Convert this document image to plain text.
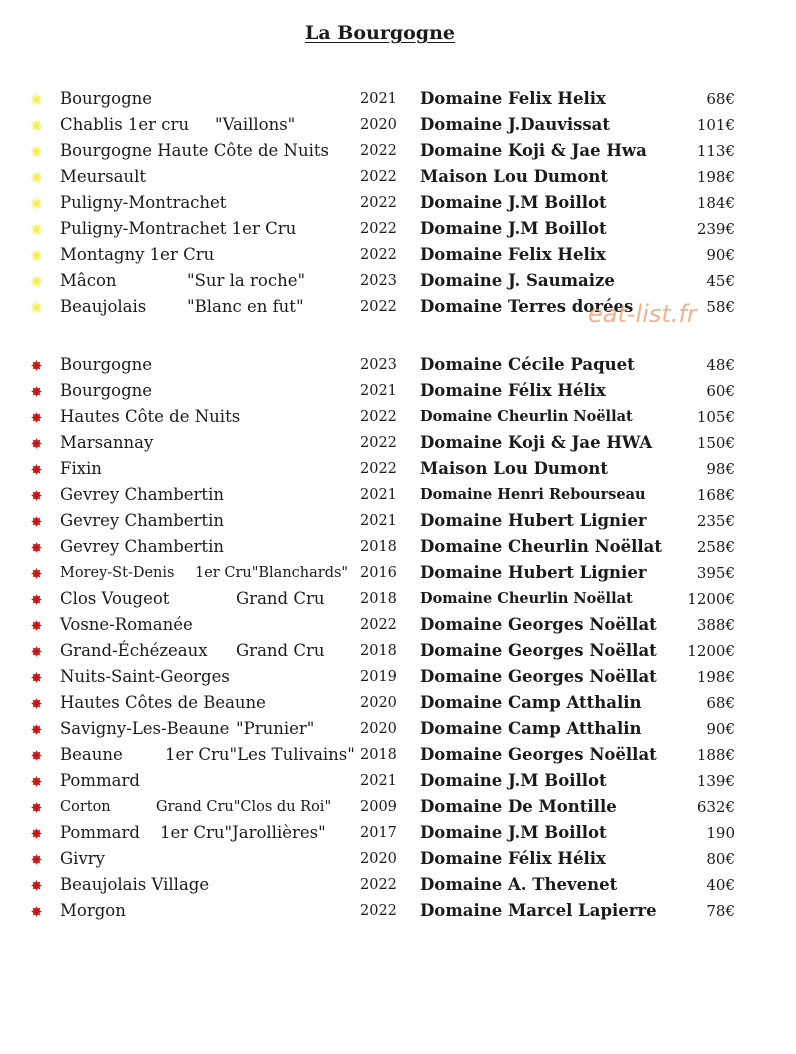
La Bourgogne
Bourgogne	2021 Domaine Felix Helix	68€
Chablis 1er cru "Vaillons"	2020 Domaine J.Dauvissat	101€
Bourgogne Haute Côte de Nuits 2022 Domaine Koji & Jae Hwa	113€
Meursault	2022 Maison Lou Dumont	198€
Puligny-Montrachet	2022 Domaine J.M Boillot	184€
Puligny-Montrachet 1er Cru	2022 Domaine J.M Boillot	239€
Montagny 1er Cru	2022 Domaine Felix Helix	90€
Mâcon	"Sur la roche"	2023 Domaine J. Saumaize	45€
Beaujolais "Blanc en fut"	2022 Domaine Terres dorées	58€
Bourgogne	2023 Domaine Cécile Paquet	48€
Bourgogne	2021 Domaine Félix Hélix	60€
Hautes Côte de Nuits	2022 Domaine Cheurlin Noëllat	105€
Marsannay	2022 Domaine Koji & Jae HWA	150€
Fixin	2022 Maison Lou Dumont	98€
Gevrey Chambertin	2021 Domaine Henri Rebourseau	168€
Gevrey Chambertin	2021 Domaine Hubert Lignier	235€
Gevrey Chambertin	2018 Domaine Cheurlin Noëllat 258€
Morey-St-Denis 1er Cru"Blanchards" 2016 Domaine Hubert Lignier	395€
Clos Vougeot	Grand Cru 2018 Domaine Cheurlin Noëllat	1200€
Vosne-Romanée	2022 Domaine Georges Noëllat	388€
Grand-Échézeaux Grand Cru 2018 Domaine Georges Noëllat 1200€
Nuits-Saint-Georges	2019 Domaine Georges Noëllat	198€
Hautes Côtes de Beaune	2020 Domaine Camp Atthalin	68€
Savigny-Les-Beaune "Prunier"	2020 Domaine Camp Atthalin	90€
Beaune	1er Cru"Les Tulivains" 2018 Domaine Georges Noëllat	188€
Pommard	2021 Domaine J.M Boillot	139€
Corton	Grand Cru"Clos du Roi" 2009 Domaine De Montille	632€
Pommard 1er Cru"Jarollières" 2017 Domaine J.M Boillot	190
Givry	2020 Domaine Félix Hélix	80€
Beaujolais Village	2022 Domaine A. Thevenet	40€
Morgon	2022 Domaine Marcel Lapierre	78€
eat-list.fr
